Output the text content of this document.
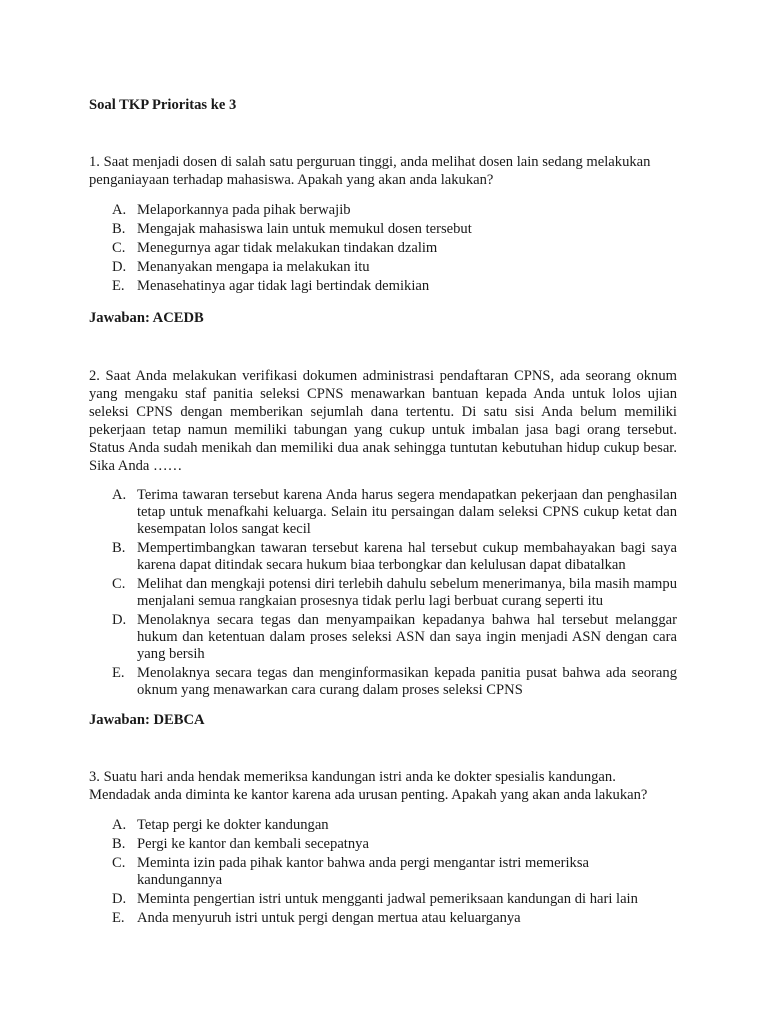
Soal TKP Prioritas ke 3

1. Saat menjadi dosen di salah satu perguruan tinggi, anda melihat dosen lain sedang melakukan penganiayaan terhadap mahasiswa. Apakah yang akan anda lakukan?

A. Melaporkannya pada pihak berwajib
B. Mengajak mahasiswa lain untuk memukul dosen tersebut
C. Menegurnya agar tidak melakukan tindakan dzalim
D. Menanyakan mengapa ia melakukan itu
E. Menasehatinya agar tidak lagi bertindak demikian
Jawaban: ACEDB

2. Saat Anda melakukan verifikasi dokumen administrasi pendaftaran CPNS, ada seorang oknum yang mengaku staf panitia seleksi CPNS menawarkan bantuan kepada Anda untuk lolos ujian seleksi CPNS dengan memberikan sejumlah dana tertentu. Di satu sisi Anda belum memiliki pekerjaan tetap namun memiliki tabungan yang cukup untuk imbalan jasa bagi orang tersebut. Status Anda sudah menikah dan memiliki dua anak sehingga tuntutan kebutuhan hidup cukup besar. Sika Anda ……

A. Terima tawaran tersebut karena Anda harus segera mendapatkan pekerjaan dan penghasilan tetap untuk menafkahi keluarga. Selain itu persaingan dalam seleksi CPNS cukup ketat dan kesempatan lolos sangat kecil
B. Mempertimbangkan tawaran tersebut karena hal tersebut cukup membahayakan bagi saya karena dapat ditindak secara hukum biaa terbongkar dan kelulusan dapat dibatalkan
C. Melihat dan mengkaji potensi diri terlebih dahulu sebelum menerimanya, bila masih mampu menjalani semua rangkaian prosesnya tidak perlu lagi berbuat curang seperti itu
D. Menolaknya secara tegas dan menyampaikan kepadanya bahwa hal tersebut melanggar hukum dan ketentuan dalam proses seleksi ASN dan saya ingin menjadi ASN dengan cara yang bersih
E. Menolaknya secara tegas dan menginformasikan kepada panitia pusat bahwa ada seorang oknum yang menawarkan cara curang dalam proses seleksi CPNS
Jawaban: DEBCA

3. Suatu hari anda hendak memeriksa kandungan istri anda ke dokter spesialis kandungan. Mendadak anda diminta ke kantor karena ada urusan penting. Apakah yang akan anda lakukan?

A. Tetap pergi ke dokter kandungan
B. Pergi ke kantor dan kembali secepatnya
C. Meminta izin pada pihak kantor bahwa anda pergi mengantar istri memeriksa kandungannya
D. Meminta pengertian istri untuk mengganti jadwal pemeriksaan kandungan di hari lain
E. Anda menyuruh istri untuk pergi dengan mertua atau keluarganya
